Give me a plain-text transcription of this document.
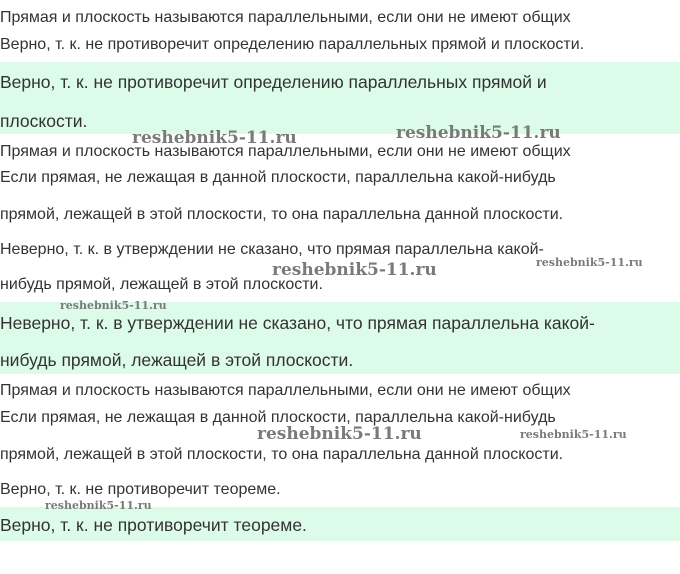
Прямая и плоскость называются параллельными, если они не имеют общих
Верно, т. к. не противоречит определению параллельных прямой и плоскости.
Верно, т. к. не противоречит определению параллельных прямой и
плоскости.
Прямая и плоскость называются параллельными, если они не имеют общих
Если прямая, не лежащая в данной плоскости, параллельна какой-нибудь
прямой, лежащей в этой плоскости, то она параллельна данной плоскости.
Неверно, т. к. в утверждении не сказано, что прямая параллельна какой-
нибудь прямой, лежащей в этой плоскости.
Неверно, т. к. в утверждении не сказано, что прямая параллельна какой-
нибудь прямой, лежащей в этой плоскости.
Прямая и плоскость называются параллельными, если они не имеют общих
Если прямая, не лежащая в данной плоскости, параллельна какой-нибудь
прямой, лежащей в этой плоскости, то она параллельна данной плоскости.
Верно, т. к. не противоречит теореме.
Верно, т. к. не противоречит теореме.
reshebnik5-11.ru	reshebnik5-11.ru
reshebnik5-11.ru	reshebnik5-11.ru
reshebnik5-11.ru
reshebnik5-11.ru	reshebnik5-11.ru
reshebnik5-11.ru
